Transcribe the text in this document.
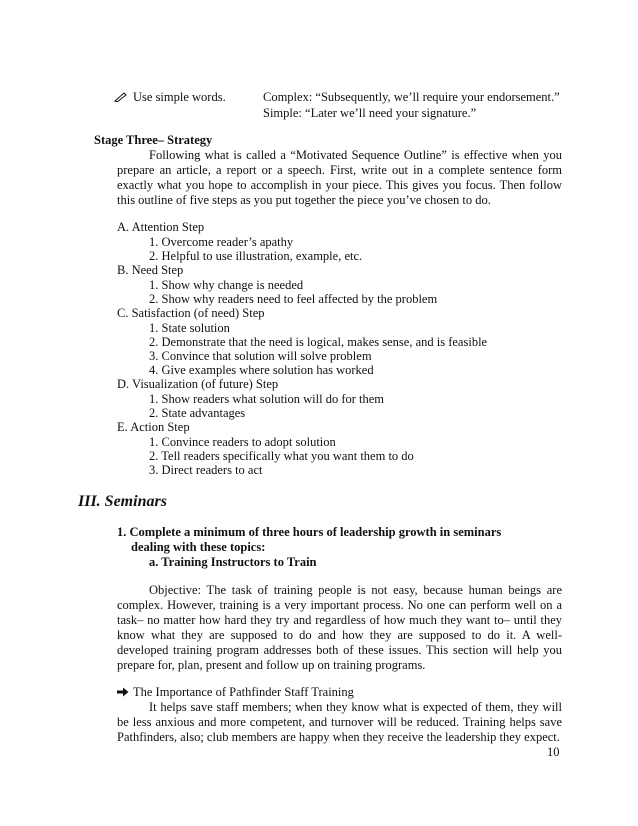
Use simple words.	Complex: “Subsequently, we’ll require your endorsement.”
Simple: “Later we’ll need your signature.”
Stage Three– Strategy
Following what is called a “Motivated Sequence Outline” is effective when you
prepare an article, a report or a speech. First, write out in a complete sentence form
exactly what you hope to accomplish in your piece. This gives you focus. Then follow
this outline of five steps as you put together the piece you’ve chosen to do.
A. Attention Step
1. Overcome reader’s apathy
2. Helpful to use illustration, example, etc.
B. Need Step
1. Show why change is needed
2. Show why readers need to feel affected by the problem
C. Satisfaction (of need) Step
1. State solution
2. Demonstrate that the need is logical, makes sense, and is feasible
3. Convince that solution will solve problem
4. Give examples where solution has worked
D. Visualization (of future) Step
1. Show readers what solution will do for them
2. State advantages
E. Action Step
1. Convince readers to adopt solution
2. Tell readers specifically what you want them to do
3. Direct readers to act
III. Seminars
1. Complete a minimum of three hours of leadership growth in seminars
dealing with these topics:
a. Training Instructors to Train
Objective: The task of training people is not easy, because human beings are
complex. However, training is a very important process. No one can perform well on a
task– no matter how hard they try and regardless of how much they want to– until they
know what they are supposed to do and how they are supposed to do it. A well-
developed training program addresses both of these issues. This section will help you
prepare for, plan, present and follow up on training programs.
The Importance of Pathfinder Staff Training
It helps save staff members; when they know what is expected of them, they will
be less anxious and more competent, and turnover will be reduced. Training helps save
Pathfinders, also; club members are happy when they receive the leadership they expect.
10
